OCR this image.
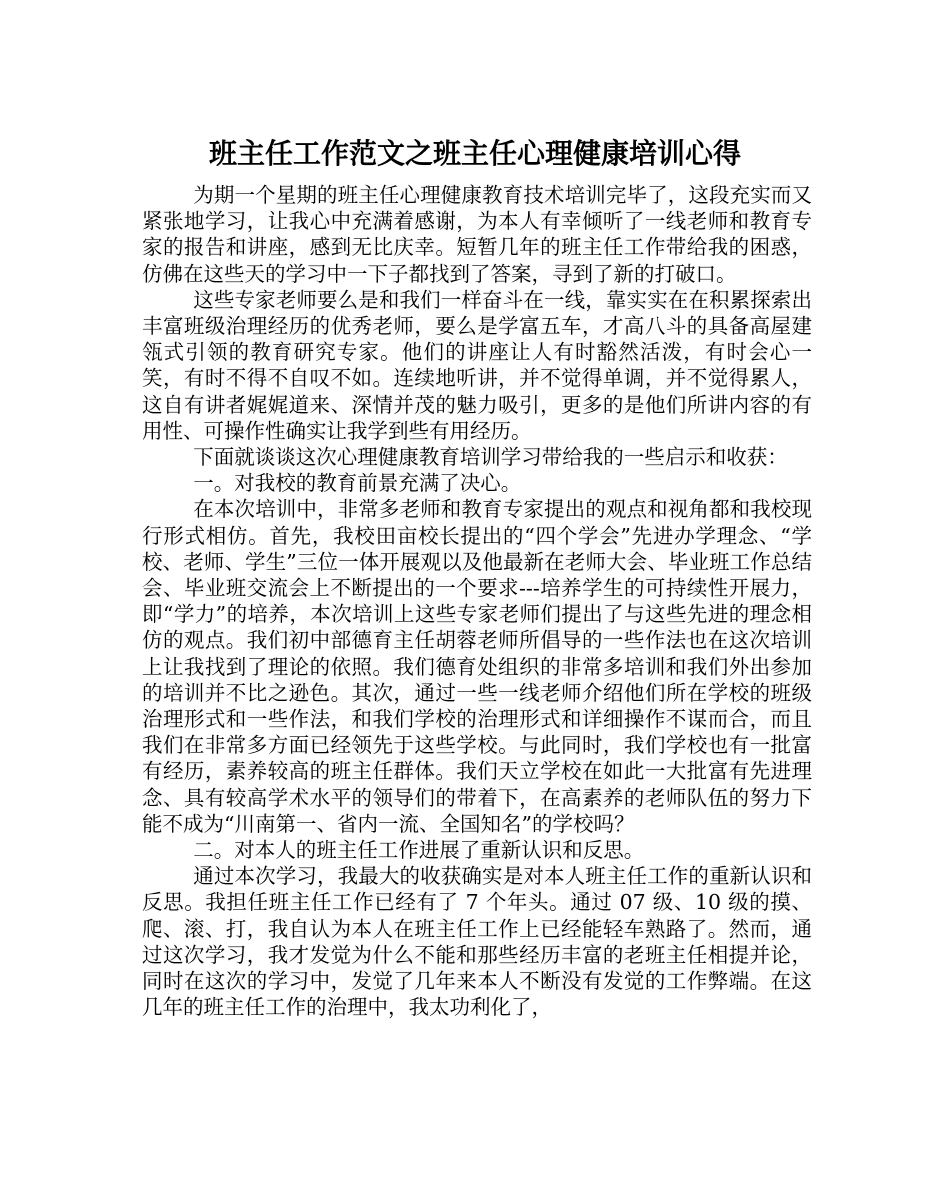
班主任工作范文之班主任心理健康培训心得

为期一个星期的班主任心理健康教育技术培训完毕了，这段充实而又紧张地学习，让我心中充满着感谢，为本人有幸倾听了一线老师和教育专家的报告和讲座，感到无比庆幸。短暂几年的班主任工作带给我的困惑，仿佛在这些天的学习中一下子都找到了答案，寻到了新的打破口。

这些专家老师要么是和我们一样奋斗在一线，靠实实在在积累探索出丰富班级治理经历的优秀老师，要么是学富五车，才高八斗的具备高屋建瓴式引领的教育研究专家。他们的讲座让人有时豁然活泼，有时会心一笑，有时不得不自叹不如。连续地听讲，并不觉得单调，并不觉得累人，这自有讲者娓娓道来、深情并茂的魅力吸引，更多的是他们所讲内容的有用性、可操作性确实让我学到些有用经历。

下面就谈谈这次心理健康教育培训学习带给我的一些启示和收获：

一。对我校的教育前景充满了决心。

在本次培训中，非常多老师和教育专家提出的观点和视角都和我校现行形式相仿。首先，我校田亩校长提出的“四个学会”先进办学理念、“学校、老师、学生”三位一体开展观以及他最新在老师大会、毕业班工作总结会、毕业班交流会上不断提出的一个要求---培养学生的可持续性开展力，即“学力”的培养，本次培训上这些专家老师们提出了与这些先进的理念相仿的观点。我们初中部德育主任胡蓉老师所倡导的一些作法也在这次培训上让我找到了理论的依照。我们德育处组织的非常多培训和我们外出参加的培训并不比之逊色。其次，通过一些一线老师介绍他们所在学校的班级治理形式和一些作法，和我们学校的治理形式和详细操作不谋而合，而且我们在非常多方面已经领先于这些学校。与此同时，我们学校也有一批富有经历，素养较高的班主任群体。我们天立学校在如此一大批富有先进理念、具有较高学术水平的领导们的带着下，在高素养的老师队伍的努力下能不成为“川南第一、省内一流、全国知名”的学校吗？

二。对本人的班主任工作进展了重新认识和反思。

通过本次学习，我最大的收获确实是对本人班主任工作的重新认识和反思。我担任班主任工作已经有了 7 个年头。通过 07 级、10 级的摸、爬、滚、打，我自认为本人在班主任工作上已经能轻车熟路了。然而，通过这次学习，我才发觉为什么不能和那些经历丰富的老班主任相提并论，同时在这次的学习中，发觉了几年来本人不断没有发觉的工作弊端。在这几年的班主任工作的治理中，我太功利化了，
